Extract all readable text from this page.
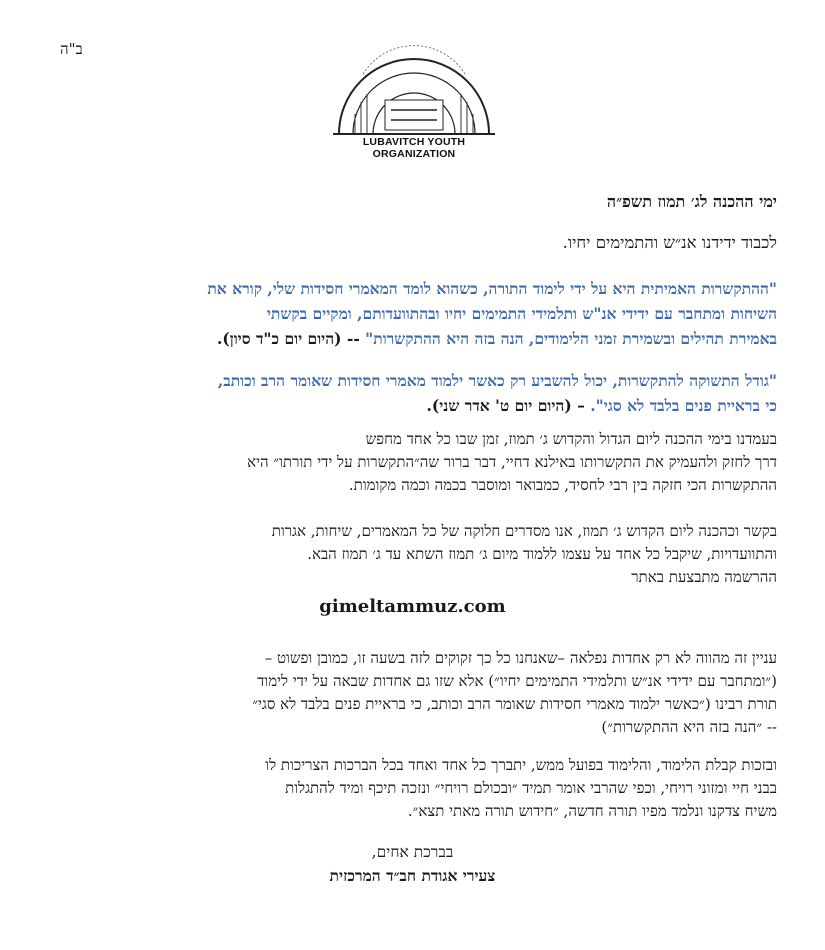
ב"ה
LUBAVITCH YOUTH ORGANIZATION
ימי ההכנה לג׳ תמוז תשפ״ה
לכבוד ידידנו אנ״ש והתמימים יחיו.
"ההתקשרות האמיתית היא על ידי לימוד התורה, כשהוא לומד המאמרי חסידות שלי, קורא את
השיחות ומתחבר עם ידידי אנ"ש ותלמידי התמימים יחיו ובהתוועדותם, ומקיים בקשתי
באמירת תהילים ובשמירת זמני הלימודים, הנה בזה היא ההתקשרות" -- (היום יום כ"ד סיון).
"גודל התשוקה להתקשרות, יכול להשביע רק כאשר ילמוד מאמרי חסידות שאומר הרב וכותב,
כי בראיית פנים בלבד לא סגי". – (היום יום ט' אדר שני).
בעמדנו בימי ההכנה ליום הגדול והקדוש ג׳ תמוז, זמן שבו כל אחד מחפש
דרך לחזק ולהעמיק את התקשרותו באילנא דחיי, דבר ברור שה״התקשרות על ידי תורתו״ היא
ההתקשרות הכי חזקה בין רבי לחסיד, כמבואר ומוסבר בכמה וכמה מקומות.
בקשר וכהכנה ליום הקדוש ג׳ תמוז, אנו מסדרים חלוקה של כל המאמרים, שיחות, אגרות
והתוועדויות, שיקבל כל אחד על עצמו ללמוד מיום ג׳ תמוז השתא עד ג׳ תמוז הבא.
ההרשמה מתבצעת באתר
gimeltammuz.com
עניין זה מהווה לא רק אחדות נפלאה –שאנחנו כל כך זקוקים לזה בשעה זו, כמובן ופשוט –
(״ומתחבר עם ידידי אנ״ש ותלמידי התמימים יחיו״) אלא שזו גם אחדות שבאה על ידי לימוד
תורת רבינו (״כאשר ילמוד מאמרי חסידות שאומר הרב וכותב, כי בראיית פנים בלבד לא סגי״
-- ״הנה בזה היא ההתקשרות״)
ובזכות קבלת הלימוד, והלימוד בפועל ממש, יתברך כל אחד ואחד בכל הברכות הצריכות לו
בבני חיי ומזוני רויחי, וכפי שהרבי אומר תמיד ״ובכולם רויחי״ ונזכה תיכף ומיד להתגלות
משיח צדקנו ונלמד מפיו תורה חדשה, ״חידוש תורה מאתי תצא״.
בברכת אחים,
צעירי אגודת חב״ד המרכזית
